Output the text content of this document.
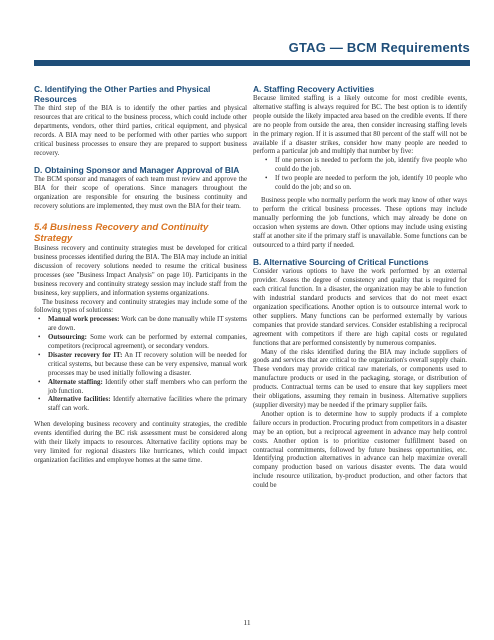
GTAG — BCM Requirements
C. Identifying the Other Parties and Physical Resources

The third step of the BIA is to identify the other parties and physical resources that are critical to the business process, which could include other departments, vendors, other third parties, critical equipment, and physical records. A BIA may need to be performed with other parties who support critical business processes to ensure they are prepared to support business recovery.

D. Obtaining Sponsor and Manager Approval of BIA

The BCM sponsor and managers of each team must review and approve the BIA for their scope of operations. Since managers throughout the organization are responsible for ensuring the business continuity and recovery solutions are implemented, they must own the BIA for their team.

5.4 Business Recovery and Continuity Strategy

Business recovery and continuity strategies must be developed for critical business processes identified during the BIA. The BIA may include an initial discussion of recovery solutions needed to resume the critical business processes (see "Business Impact Analysis" on page 10). Participants in the business recovery and continuity strategy session may include staff from the business, key suppliers, and information systems organizations.

The business recovery and continuity strategies may include some of the following types of solutions:

• Manual work processes: Work can be done manually while IT systems are down.
• Outsourcing: Some work can be performed by external companies, competitors (reciprocal agreement), or secondary vendors.
• Disaster recovery for IT: An IT recovery solution will be needed for critical systems, but because these can be very expensive, manual work processes may be used initially following a disaster.
• Alternate staffing: Identify other staff members who can perform the job function.
• Alternative facilities: Identify alternative facilities where the primary staff can work.

When developing business recovery and continuity strategies, the credible events identified during the BC risk assessment must be considered along with their likely impacts to resources. Alternative facility options may be very limited for regional disasters like hurricanes, which could impact organization facilities and employee homes at the same time.

A. Staffing Recovery Activities

Because limited staffing is a likely outcome for most credible events, alternative staffing is always required for BC. The best option is to identify people outside the likely impacted area based on the credible events. If there are no people from outside the area, then consider increasing staffing levels in the primary region. If it is assumed that 80 percent of the staff will not be available if a disaster strikes, consider how many people are needed to perform a particular job and multiply that number by five:

• If one person is needed to perform the job, identify five people who could do the job.
• If two people are needed to perform the job, identify 10 people who could do the job; and so on.

Business people who normally perform the work may know of other ways to perform the critical business processes. These options may include manually performing the job functions, which may already be done on occasion when systems are down. Other options may include using existing staff at another site if the primary staff is unavailable. Some functions can be outsourced to a third party if needed.

B. Alternative Sourcing of Critical Functions

Consider various options to have the work performed by an external provider. Assess the degree of consistency and quality that is required for each critical function. In a disaster, the organization may be able to function with industrial standard products and services that do not meet exact organization specifications. Another option is to outsource internal work to other suppliers. Many functions can be performed externally by various companies that provide standard services. Consider establishing a reciprocal agreement with competitors if there are high capital costs or regulated functions that are performed consistently by numerous companies.

Many of the risks identified during the BIA may include suppliers of goods and services that are critical to the organization's overall supply chain. These vendors may provide critical raw materials, or components used to manufacture products or used in the packaging, storage, or distribution of products. Contractual terms can be used to ensure that key suppliers meet their obligations, assuming they remain in business. Alternative suppliers (supplier diversity) may be needed if the primary supplier fails.

Another option is to determine how to supply products if a complete failure occurs in production. Procuring product from competitors in a disaster may be an option, but a reciprocal agreement in advance may help control costs. Another option is to prioritize customer fulfillment based on contractual commitments, followed by future business opportunities, etc. Identifying production alternatives in advance can help maximize overall company production based on various disaster events. The data would include resource utilization, by-product production, and other factors that could be

11
